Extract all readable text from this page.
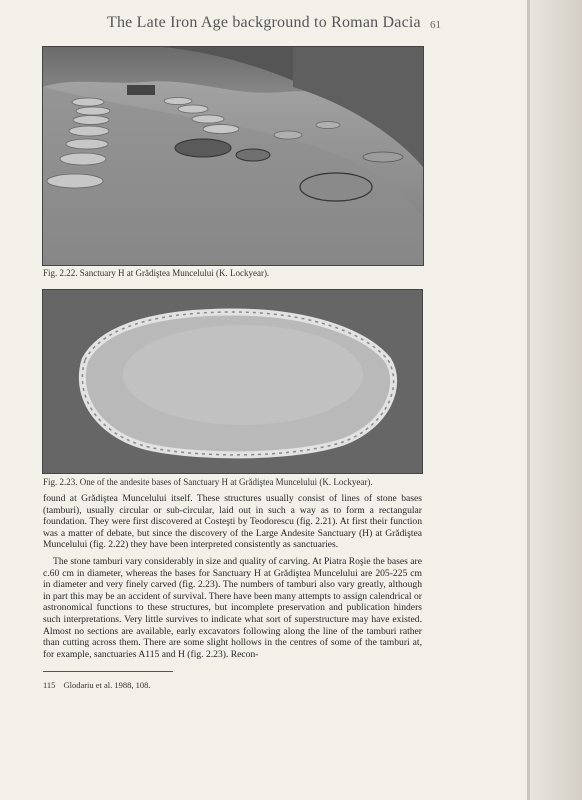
The Late Iron Age background to Roman Dacia 61
Fig. 2.22. Sanctuary H at Grădiştea Muncelului (K. Lockyear).
Fig. 2.23. One of the andesite bases of Sanctuary H at Grădiştea Muncelului (K. Lockyear).

found at Grădiştea Muncelului itself. These structures usually consist of lines of stone bases (tamburi), usually circular or sub-circular, laid out in such a way as to form a rectangular foundation. They were first discovered at Costeşti by Teodorescu (fig. 2.21). At first their function was a matter of debate, but since the discovery of the Large Andesite Sanctuary (H) at Grădiştea Muncelului (fig. 2.22) they have been interpreted consistently as sanctuaries.

The stone tamburi vary considerably in size and quality of carving. At Piatra Roşie the bases are c.60 cm in diameter, whereas the bases for Sanctuary H at Grădiştea Muncelului are 205-225 cm in diameter and very finely carved (fig. 2.23). The numbers of tamburi also vary greatly, although in part this may be an accident of survival. There have been many attempts to assign calendrical or astronomical functions to these structures, but incomplete preservation and publication hinders such interpretations. Very little survives to indicate what sort of superstructure may have existed. Almost no sections are available, early excavators following along the line of the tamburi rather than cutting across them. There are some slight hollows in the centres of some of the tamburi at, for example, sanctuaries A115 and H (fig. 2.23). Recon-

115 Glodariu et al. 1988, 108.
